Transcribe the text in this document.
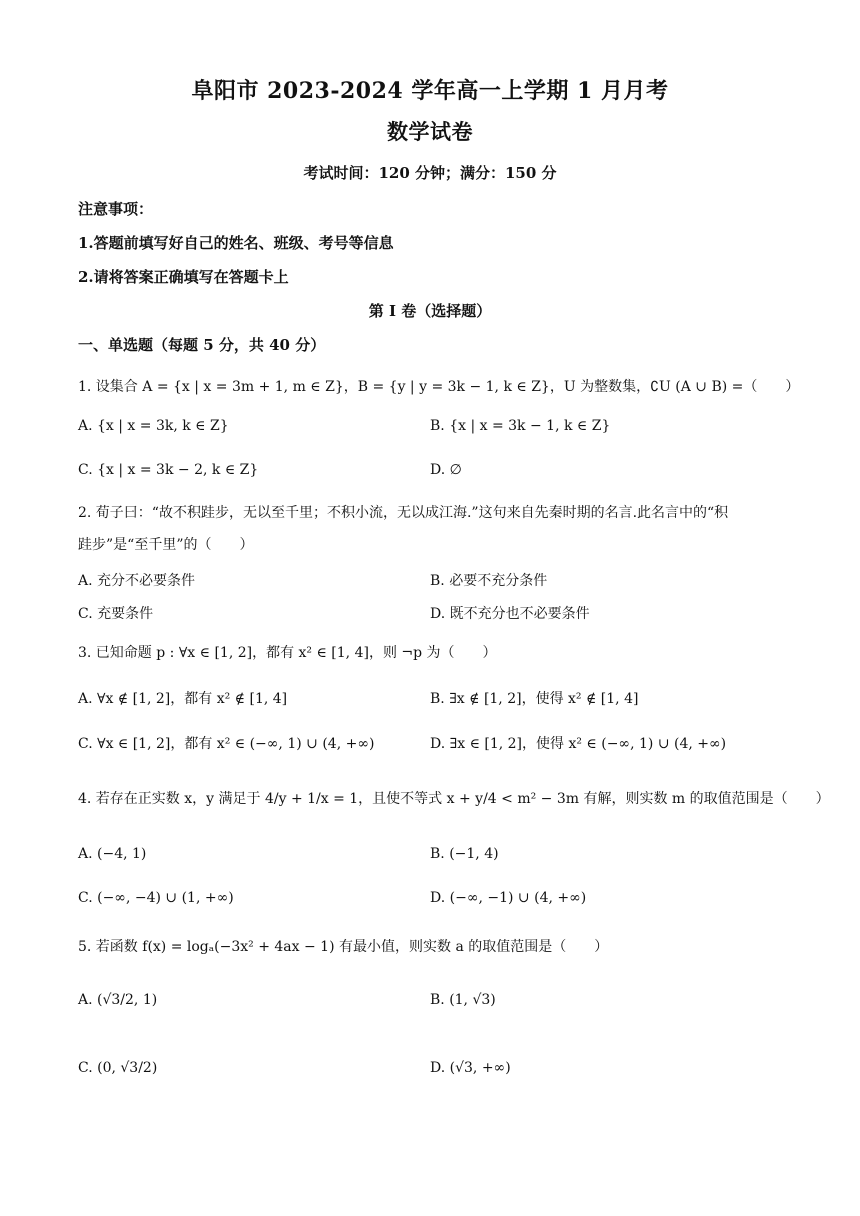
阜阳市 2023-2024 学年高一上学期 1 月月考
数学试卷
考试时间：120 分钟；满分：150 分
注意事项：
1.答题前填写好自己的姓名、班级、考号等信息
2.请将答案正确填写在答题卡上
第 I 卷（选择题）
一、单选题（每题 5 分，共 40 分）
1. 设集合 A = {x | x = 3m + 1, m ∈ Z}，B = {y | y = 3k − 1, k ∈ Z}，U 为整数集，∁U (A ∪ B) =（　　）
A. {x | x = 3k, k ∈ Z}	B. {x | x = 3k − 1, k ∈ Z}
C. {x | x = 3k − 2, k ∈ Z}	D. ∅
2. 荀子曰：“故不积跬步，无以至千里；不积小流，无以成江海.”这句来自先秦时期的名言.此名言中的“积
跬步”是“至千里”的（　　）
A. 充分不必要条件	B. 必要不充分条件
C. 充要条件	D. 既不充分也不必要条件
3. 已知命题 p : ∀x ∈ [1, 2]，都有 x² ∈ [1, 4]，则 ¬p 为（　　）
A. ∀x ∉ [1, 2]，都有 x² ∉ [1, 4]	B. ∃x ∉ [1, 2]，使得 x² ∉ [1, 4]
C. ∀x ∈ [1, 2]，都有 x² ∈ (−∞, 1) ∪ (4, +∞)	D. ∃x ∈ [1, 2]，使得 x² ∈ (−∞, 1) ∪ (4, +∞)
4. 若存在正实数 x，y 满足于 4/y + 1/x = 1，且使不等式 x + y/4 < m² − 3m 有解，则实数 m 的取值范围是（　　）
A. (−4, 1)	B. (−1, 4)
C. (−∞, −4) ∪ (1, +∞)	D. (−∞, −1) ∪ (4, +∞)
5. 若函数 f(x) = logₐ(−3x² + 4ax − 1) 有最小值，则实数 a 的取值范围是（　　）
A. (√3/2, 1)	B. (1, √3)
C. (0, √3/2)	D. (√3, +∞)
